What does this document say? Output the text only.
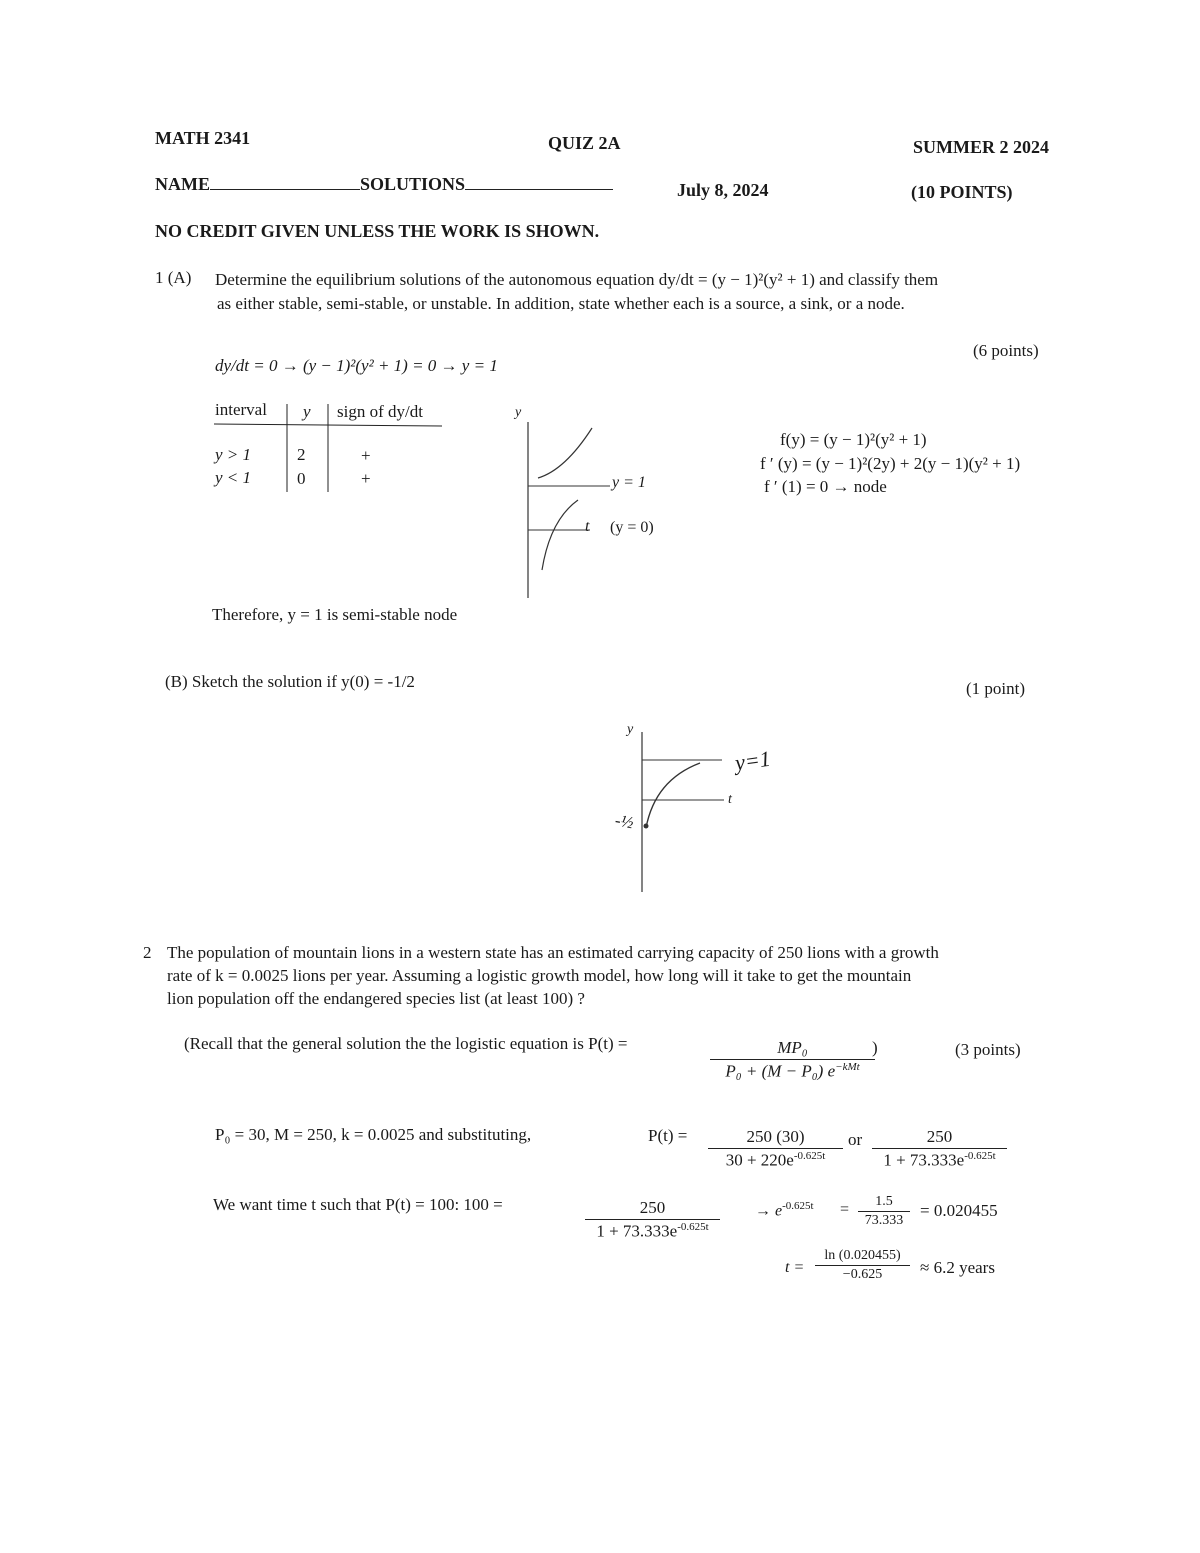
MATH 2341	QUIZ 2A	SUMMER 2 2024
NAME	SOLUTIONS	July 8, 2024	(10 POINTS)
NO CREDIT GIVEN UNLESS THE WORK IS SHOWN.
1 (A) Determine the equilibrium solutions of the autonomous equation dy/dt = (y − 1)²(y² + 1) and classify them
as either stable, semi-stable, or unstable. In addition, state whether each is a source, a sink, or a node.
(6 points)
dy/dt = 0 → (y − 1)²(y² + 1) = 0 → y = 1
interval y sign of dy/dt
y > 1	2	+
y < 1	0	+
y
y = 1
t (y = 0)
f(y) = (y − 1)²(y² + 1)
f ′ (y) = (y − 1)²(2y) + 2(y − 1)(y² + 1)
f ′ (1) = 0 → node
Therefore, y = 1 is semi-stable node
(B) Sketch the solution if y(0) = -1/2	(1 point)
y
t
y=1
-½
2 The population of mountain lions in a western state has an estimated carrying capacity of 250 lions with a growth
rate of k = 0.0025 lions per year. Assuming a logistic growth model, how long will it take to get the mountain
lion population off the endangered species list (at least 100) ?
(Recall that the general solution the the logistic equation is P(t) =	MP₀
P₀ + (M − P₀) $e^{-kMt}$
)	(3 points)
P₀ = 30, M = 250, k = 0.0025 and substituting,	$P(t) = \frac{250 (30)}{30 + 220e^{-0.625t}}$ or $\frac{250}{1 + 73.333e^{-0.625t}}$
We want time t such that P(t) = 100: 100 =	$\frac{250}{1 + 73.333e^{-0.625t}} \to e^{-0.625t} = \frac{1.5}{73.333} = 0.020455$
$t = \frac{\ln (0.020455)}{-0.625} \approx 6.2$ years
